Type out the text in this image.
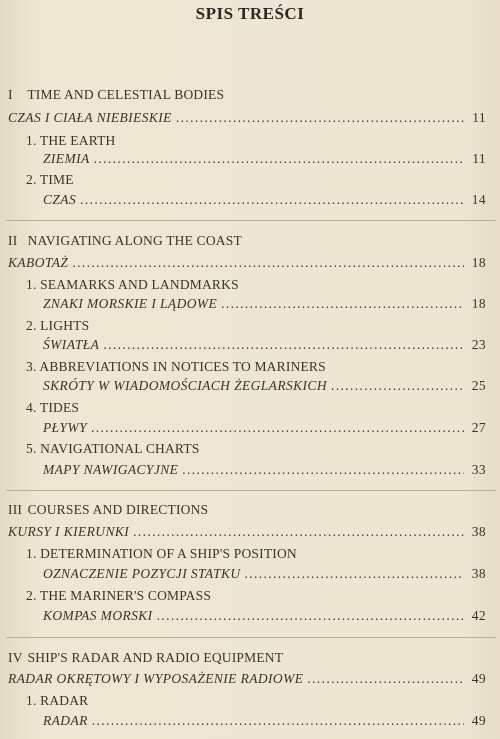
SPIS TREŚCI
I TIME AND CELESTIAL BODIES
CZAS I CIAŁA NIEBIESKIE . . .	11
1. THE EARTH
ZIEMIA . . .	11
2. TIME
CZAS . . .	14
II NAVIGATING ALONG THE COAST
KABOTAŻ . . .	18
1. SEAMARKS AND LANDMARKS
ZNAKI MORSKIE I LĄDOWE . . .	18
2. LIGHTS
ŚWIATŁA . . .	23
3. ABBREVIATIONS IN NOTICES TO MARINERS
SKRÓTY W WIADOMOŚCIACH ŻEGLARSKICH . . .	25
4. TIDES
PŁYWY . . .	27
5. NAVIGATIONAL CHARTS
MAPY NAWIGACYJNE . . .	33
III COURSES AND DIRECTIONS
KURSY I KIERUNKI . . .	38
1. DETERMINATION OF A SHIP'S POSITION
OZNACZENIE POZYCJI STATKU . . .	38
2. THE MARINER'S COMPASS
KOMPAS MORSKI . . .	42
IV SHIP'S RADAR AND RADIO EQUIPMENT
RADAR OKRĘTOWY I WYPOSAŻENIE RADIOWE . . .	49
1. RADAR
RADAR . . .	49
